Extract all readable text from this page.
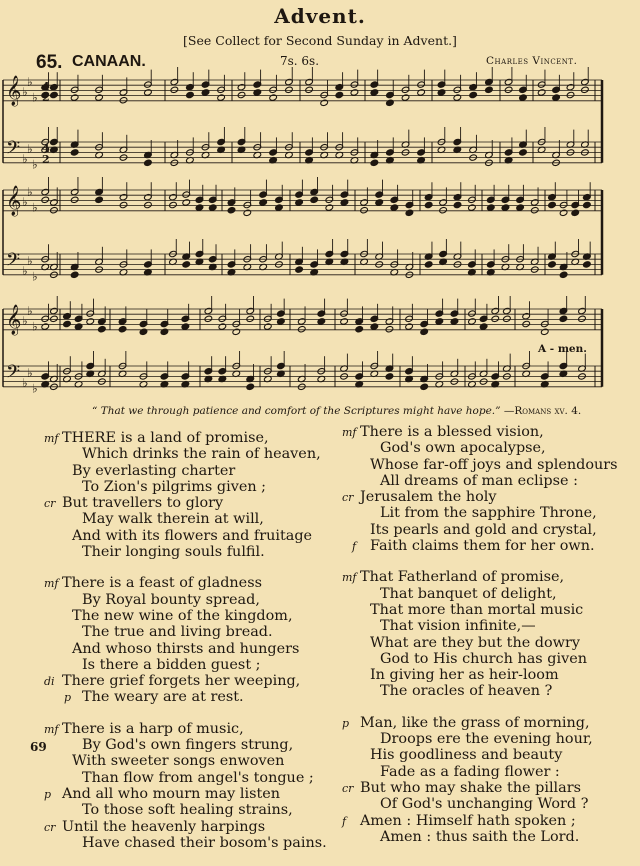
Advent.
[See Collect for Second Sunday in Advent.]
65. CANAAN.	7s. 6s.	Charles Vincent.
𝄞
𝄢
♭
♭
♭
♭
♭
♭
𝄞
𝄢
♭
♭
♭
♭
♭
♭
𝄞
𝄢
♭
♭
♭
♭
♭
♭
4
2
4
2
A - men.
“ That we through patience and comfort of the Scriptures might have hope.” —Romans xv. 4.
mf THERE is a land of promise,
Which drinks the rain of heaven,
By everlasting charter
To Zion's pilgrims given ;
cr But travellers to glory
May walk therein at will,
And with its flowers and fruitage
Their longing souls fulfil.
mf There is a feast of gladness
By Royal bounty spread,
The new wine of the kingdom,
The true and living bread.
And whoso thirsts and hungers
Is there a bidden guest ;
di There grief forgets her weeping,
p The weary are at rest.
mf There is a harp of music,
By God's own fingers strung,
With sweeter songs enwoven
Than flow from angel's tongue ;
p And all who mourn may listen
To those soft healing strains,
cr Until the heavenly harpings
Have chased their bosom's pains.
mf There is a blessed vision,
God's own apocalypse,
Whose far-off joys and splendours
All dreams of man eclipse :
cr Jerusalem the holy
Lit from the sapphire Throne,
Its pearls and gold and crystal,
f Faith claims them for her own.
mf That Fatherland of promise,
That banquet of delight,
That more than mortal music
That vision infinite,—
What are they but the dowry
God to His church has given
In giving her as heir-loom
The oracles of heaven ?
p Man, like the grass of morning,
Droops ere the evening hour,
His goodliness and beauty
Fade as a fading flower :
cr But who may shake the pillars
Of God's unchanging Word ?
f Amen : Himself hath spoken ;
Amen : thus saith the Lord.
69
